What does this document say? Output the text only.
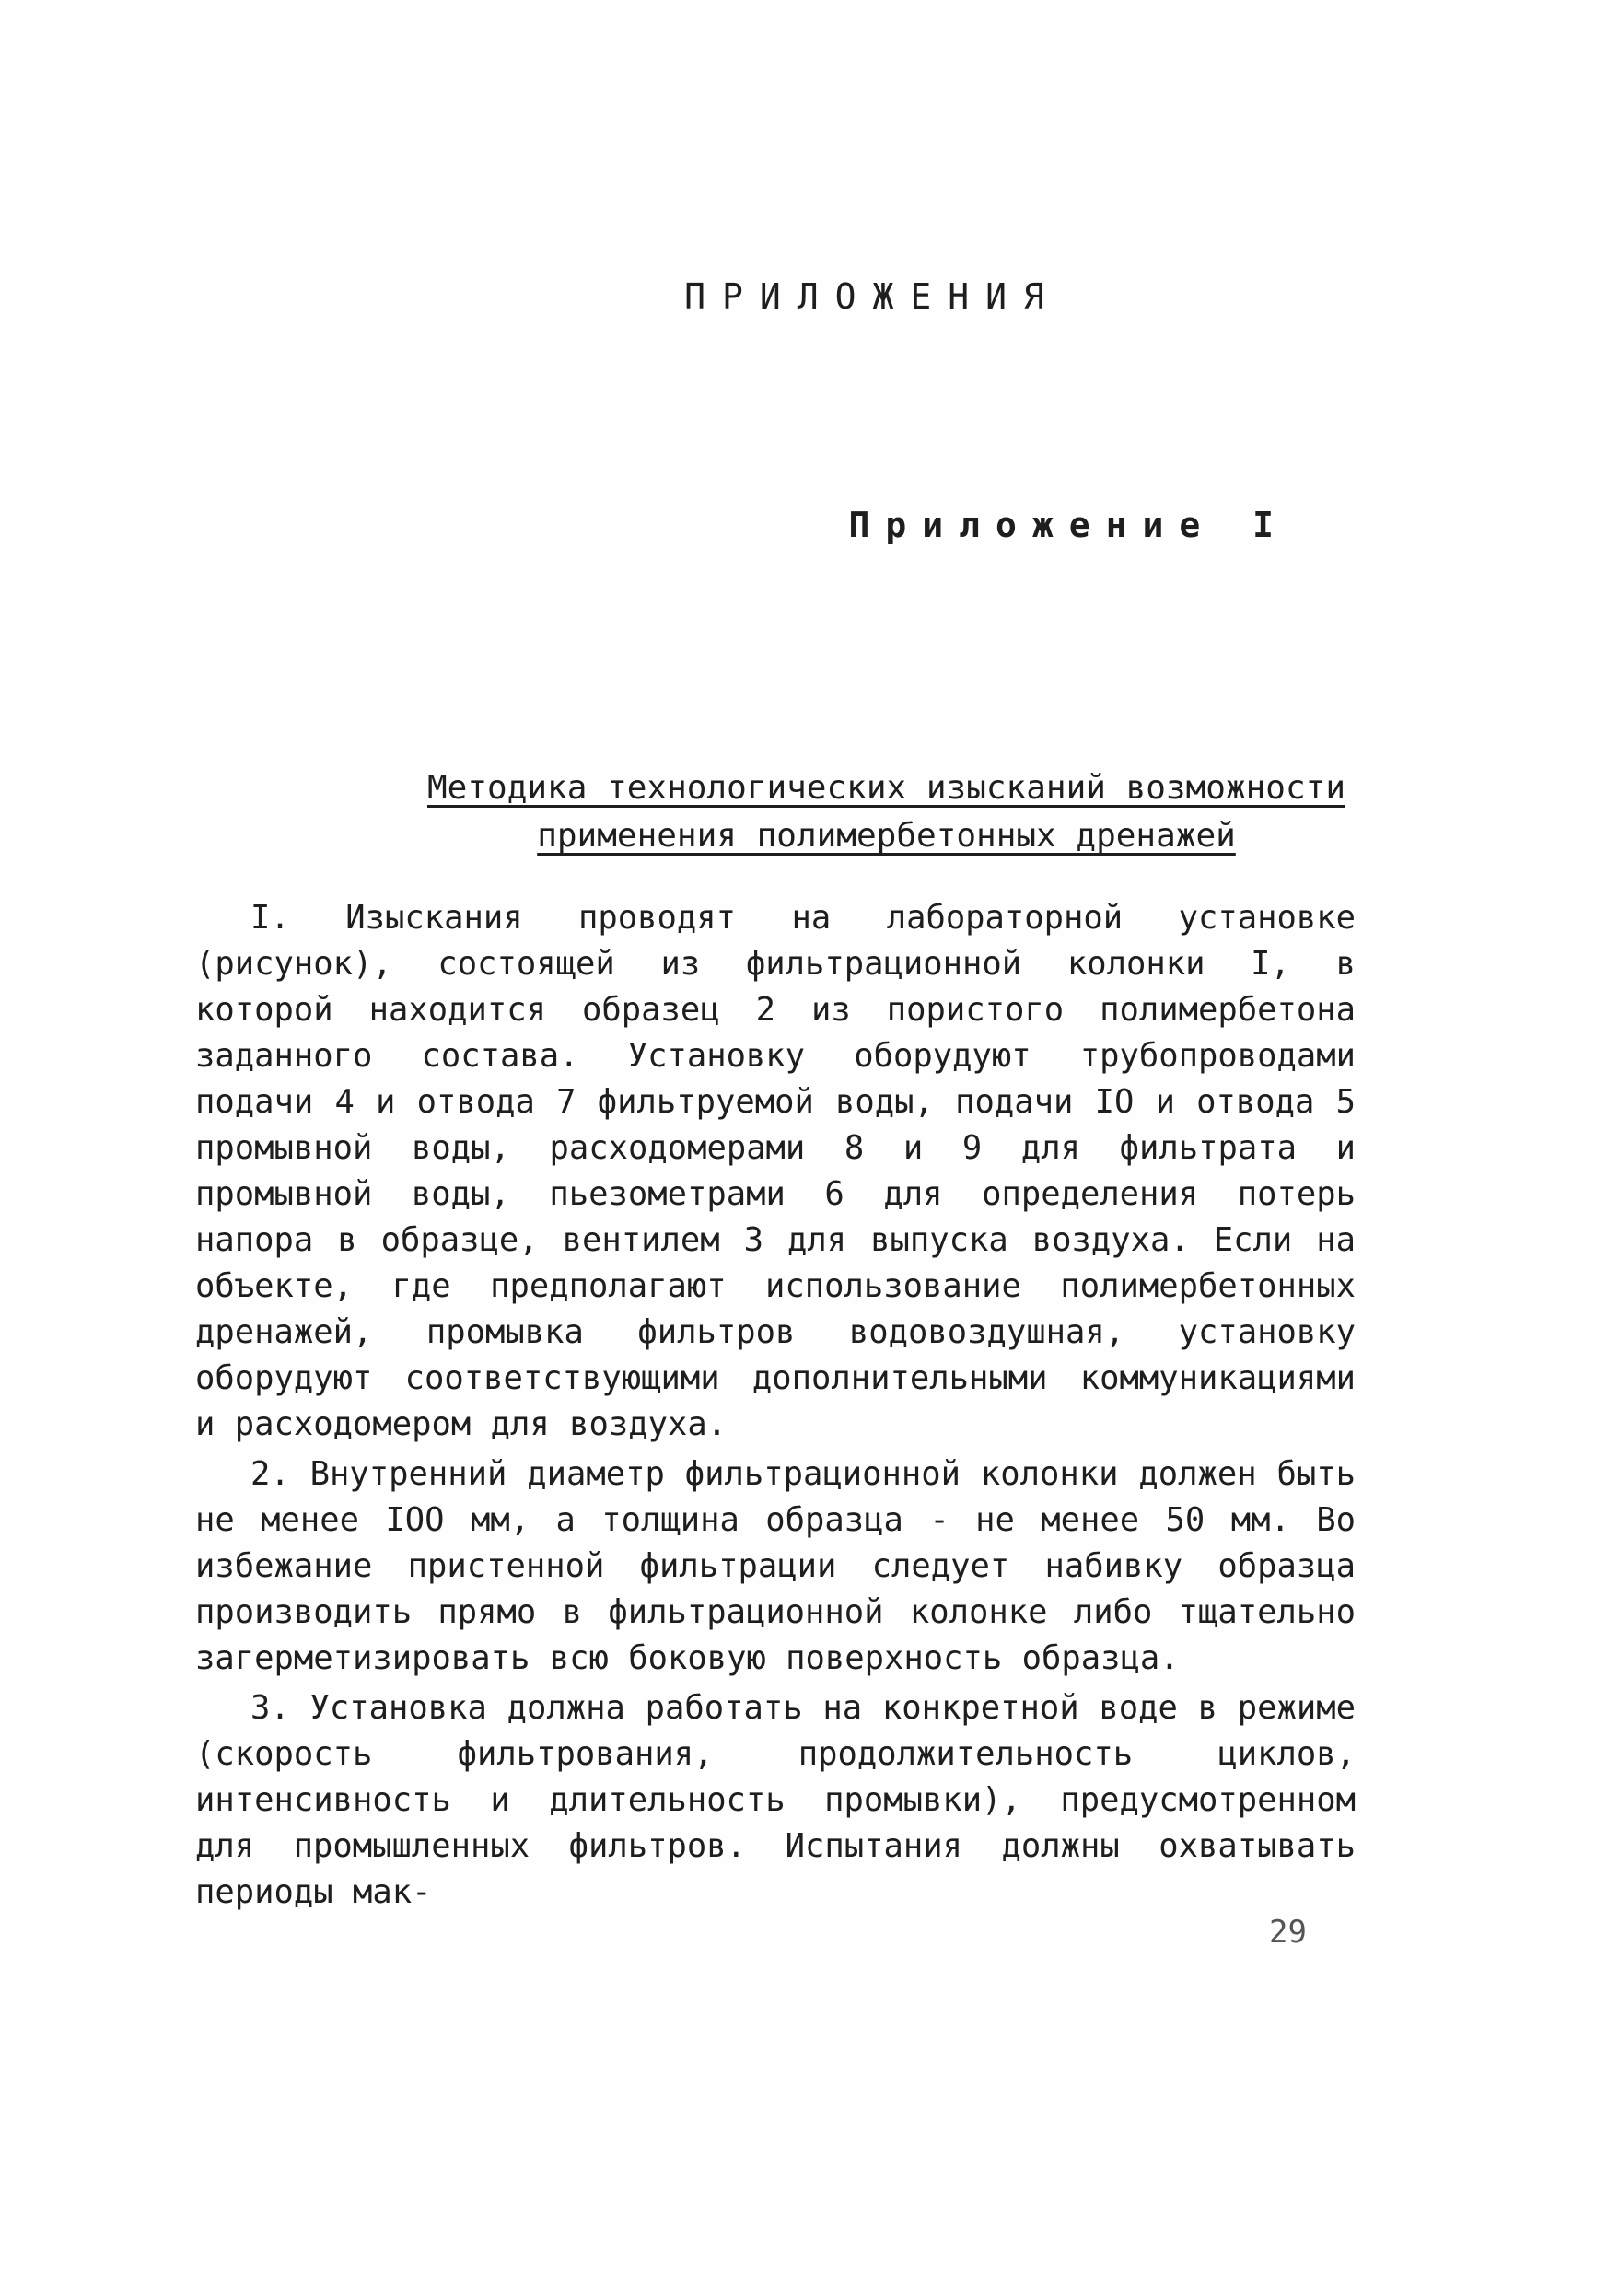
ПРИЛОЖЕНИЯ
Приложение I
Методика технологических изысканий возможности
применения полимербетонных дренажей

I. Изыскания проводят на лабораторной установке (рисунок), состоящей из фильтрационной колонки I, в которой находится образец 2 из пористого полимербетона заданного состава. Установку оборудуют трубопроводами подачи 4 и отвода 7 фильтруемой воды, подачи IO и отвода 5 промывной воды, расходомерами 8 и 9 для фильтрата и промывной воды, пьезометрами 6 для определения потерь напора в образце, вентилем 3 для выпуска воздуха. Если на объекте, где предполагают использование полимербетонных дренажей, промывка фильтров водовоздушная, установку оборудуют соответствующими дополнительными коммуникациями и расходомером для воздуха.

2. Внутренний диаметр фильтрационной колонки должен быть не менее IOO мм, а толщина образца - не менее 50 мм. Во избежание пристенной фильтрации следует набивку образца производить прямо в фильтрационной колонке либо тщательно загерметизировать всю боковую поверхность образца.

3. Установка должна работать на конкретной воде в режиме (скорость фильтрования, продолжительность циклов, интенсивность и длительность промывки), предусмотренном для промышленных фильтров. Испытания должны охватывать периоды мак-

29
